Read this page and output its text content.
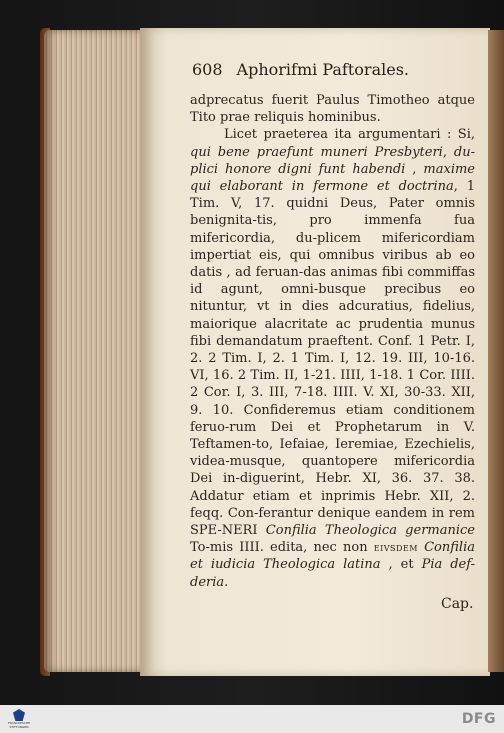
608 Aphorifmi Paftorales.

adprecatus fuerit Paulus Timotheo atque Tito prae reliquis hominibus.

Licet praeterea ita argumentari : Si, qui bene praefunt muneri Presbyteri, du-plici honore digni funt habendi , maxime qui elaborant in fermone et doctrina, 1 Tim. V, 17. quidni Deus, Pater omnis benignita-tis, pro immenfa fua mifericordia, du-plicem mifericordiam impertiat eis, qui omnibus viribus ab eo datis , ad feruan-das animas fibi commiffas id agunt, omni-busque precibus eo nituntur, vt in dies adcuratius, fidelius, maiorique alacritate ac prudentia munus fibi demandatum praeftent. Conf. 1 Petr. I, 2. 2 Tim. I, 2. 1 Tim. I, 12. 19. III, 10-16. VI, 16. 2 Tim. II, 1-21. IIII, 1-18. 1 Cor. IIII. 2 Cor. I, 3. III, 7-18. IIII. V. XI, 30-33. XII, 9. 10. Confideremus etiam conditionem feruo-rum Dei et Prophetarum in V. Teftamen-to, Iefaiae, Ieremiae, Ezechielis, videa-musque, quantopere mifericordia Dei in-diguerint, Hebr. XI, 36. 37. 38. Addatur etiam et inprimis Hebr. XII, 2. feqq. Con-ferantur denique eandem in rem SPE-NERI Confilia Theologica germanice To-mis IIII. edita, nec non eivsdem Confilia et iudicia Theologica latina , et Pia def-deria.

Cap.
FRANCKESCHE STIFTUNGEN	DFG
